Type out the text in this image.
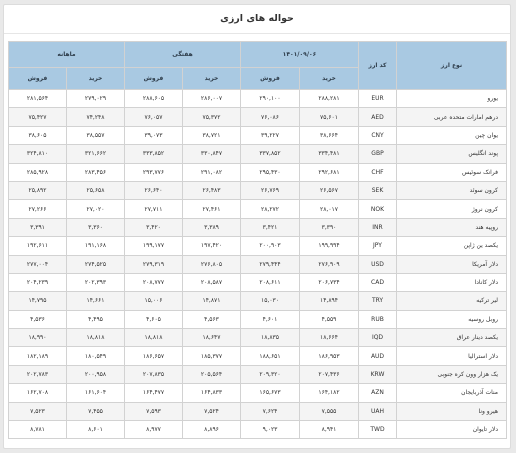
حواله های ارزی
نوع ارز	کد ارز	۱۴۰۱/۰۹/۰۶		هفتگی		ماهانه	
		خرید	فروش	خرید	فروش	خرید	فروش
یورو	EUR	۲۸۸,۲۸۱	۲۹۰,۱۰۰	۲۸۶,۰۰۷	۲۸۸,۶۰۵	۲۷۹,۰۲۹	۲۸۱,۵۶۴
درهم امارات متحده عربی	AED	۷۵,۶۰۱	۷۶,۰۸۶	۷۵,۳۷۲	۷۶,۰۵۷	۷۴,۲۴۸	۷۵,۴۲۷
یوان چین	CNY	۳۸,۶۶۴	۳۹,۲۲۷	۳۸,۷۲۱	۳۹,۰۷۳	۳۸,۵۵۷	۳۸,۶۰۵
پوند انگلیس	GBP	۳۳۴,۴۸۱	۳۳۷,۸۵۲	۳۳۰,۸۴۷	۳۳۳,۸۵۲	۳۲۱,۶۶۲	۳۲۴,۸۱۰
فرانک سوئیس	CHF	۲۹۲,۶۸۱	۲۹۵,۴۳۰	۲۹۱,۰۸۲	۲۹۳,۷۷۶	۲۸۳,۴۵۶	۲۸۵,۹۲۸
کرون سوئد	SEK	۲۶,۵۶۷	۲۶,۷۶۹	۲۶,۴۸۳	۲۶,۶۴۰	۲۵,۶۵۸	۲۵,۸۹۲
کرون نروژ	NOK	۲۸,۰۱۷	۲۸,۲۷۲	۲۷,۴۶۱	۲۷,۷۱۱	۲۷,۰۲۰	۲۷,۲۶۶
روپیه هند	INR	۳,۳۹۰	۳,۴۲۱	۳,۳۸۹	۳,۴۲۰	۳,۳۶۰	۳,۳۹۱
یکصد ین ژاپن	JPY	۱۹۹,۹۹۴	۲۰۰,۹۰۳	۱۹۷,۴۲۰	۱۹۹,۱۷۷	۱۹۱,۱۶۸	۱۹۲,۶۱۱
دلار آمریکا	USD	۲۷۶,۹۰۹	۲۷۹,۴۴۴	۲۷۶,۸۰۵	۲۷۹,۳۱۹	۲۷۴,۵۲۵	۲۷۷,۰۰۴
دلار کانادا	CAD	۲۰۶,۷۳۴	۲۰۸,۶۱۱	۲۰۸,۵۸۷	۲۰۸,۷۷۷	۲۰۲,۳۹۳	۲۰۴,۲۳۹
لیر ترکیه	TRY	۱۴,۸۹۴	۱۵,۰۳۰	۱۴,۸۷۱	۱۵,۰۰۶	۱۴,۶۶۱	۱۴,۷۹۵
روبل روسیه	RUB	۴,۵۵۹	۴,۶۰۱	۴,۵۶۳	۴,۶۰۵	۴,۴۹۵	۴,۵۳۶
یکصد دینار عراق	IQD	۱۸,۶۶۴	۱۸,۸۳۵	۱۸,۶۴۷	۱۸,۸۱۸	۱۸,۸۱۸	۱۸,۹۹۰
دلار استرالیا	AUD	۱۸۶,۹۵۳	۱۸۸,۶۵۱	۱۸۵,۳۷۷	۱۸۶,۶۵۷	۱۸۰,۵۴۹	۱۸۲,۱۸۹
یک هزار وون کره جنوبی	KRW	۲۰۷,۴۳۶	۲۰۹,۳۲۰	۲۰۵,۵۶۴	۲۰۷,۸۳۵	۲۰۰,۹۵۸	۲۰۲,۷۸۳
منات آذربایجان	AZN	۱۶۴,۱۸۲	۱۶۵,۶۷۳	۱۶۴,۸۳۳	۱۶۴,۴۷۷	۱۶۱,۶۰۴	۱۶۲,۷۰۸
هیرو ونا	UAH	۷,۵۵۵	۷,۶۲۴	۷,۵۲۴	۷,۵۹۳	۷,۴۵۵	۷,۵۲۳
دلار تایوان	TWD	۸,۹۴۱	۹,۰۲۳	۸,۸۹۶	۸,۹۷۷	۸,۶۰۱	۸,۷۸۱
